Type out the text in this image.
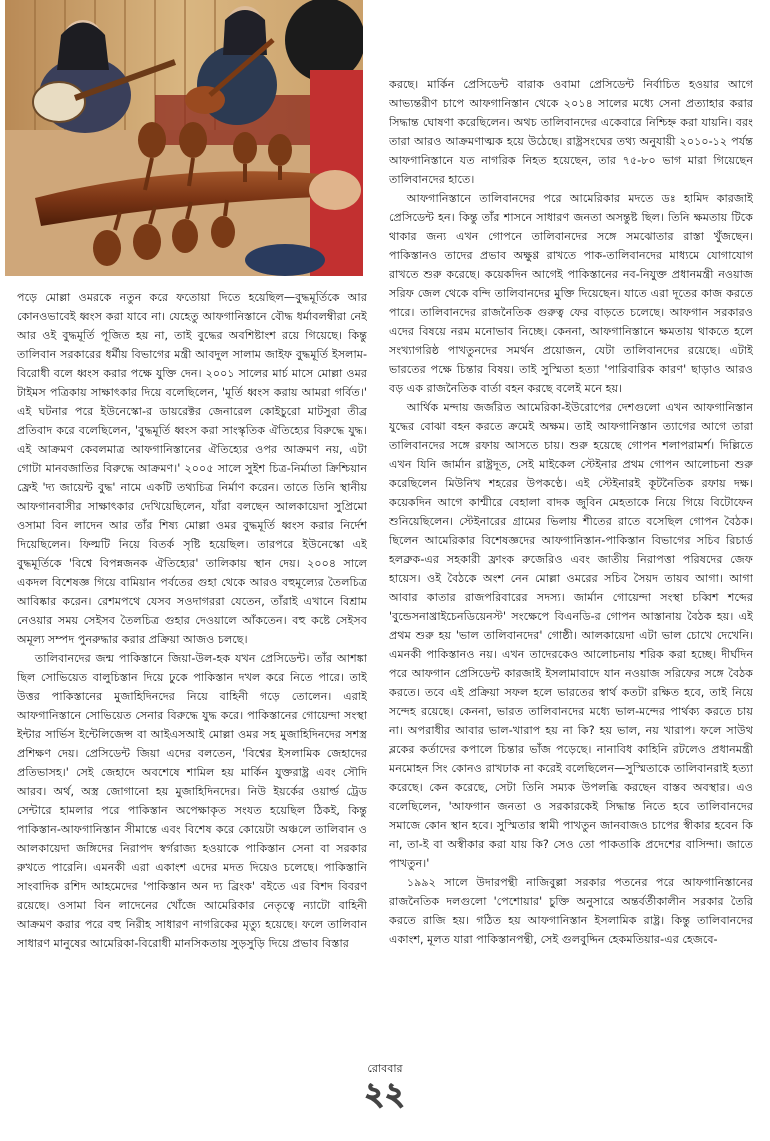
পড়ে মোল্লা ওমরকে নতুন করে ফতোয়া দিতে হয়েছিল—বুদ্ধমূর্তিকে আর কোনওভাবেই ধ্বংস করা যাবে না। যেহেতু আফগানিস্তানে বৌদ্ধ ধর্মাবলম্বীরা নেই আর ওই বুদ্ধমূর্তি পূজিত হয় না, তাই বুদ্ধের অবশিষ্টাংশ রয়ে গিয়েছে। কিন্তু তালিবান সরকারের ধর্মীয় বিভাগের মন্ত্রী আবদুল সালাম জাইফ বুদ্ধমূর্তি ইসলাম-বিরোধী বলে ধ্বংস করার পক্ষে যুক্তি দেন। ২০০১ সালের মার্চ মাসে মোল্লা ওমর টাইমস পত্রিকায় সাক্ষাৎকার দিয়ে বলেছিলেন, 'মূর্তি ধ্বংস করায় আমরা গর্বিত।' এই ঘটনার পরে ইউনেস্কো-র ডায়রেক্টর জেনারেল কোইচুরো মাটসুরা তীব্র প্রতিবাদ করে বলেছিলেন, 'বুদ্ধমূর্তি ধ্বংস করা সাংস্কৃতিক ঐতিহ্যের বিরুদ্ধে যুদ্ধ। এই আক্রমণ কেবলমাত্র আফগানিস্তানের ঐতিহ্যের ওপর আক্রমণ নয়, এটা গোটা মানবজাতির বিরুদ্ধে আক্রমণ।' ২০০৫ সালে সুইশ চিত্র-নির্মাতা ক্রিশ্চিয়ান ফ্রেই 'দ্য জায়েন্ট বুদ্ধ' নামে একটি তথ্যচিত্র নির্মাণ করেন। তাতে তিনি স্থানীয় আফগানবাসীর সাক্ষাৎকার দেখিয়েছিলেন, যাঁরা বলছেন আলকায়েদা সুপ্রিমো ওসামা বিন লাদেন আর তাঁর শিষ্য মোল্লা ওমর বুদ্ধমূর্তি ধ্বংস করার নির্দেশ দিয়েছিলেন। ফিল্মটি নিয়ে বিতর্ক সৃষ্টি হয়েছিল। তারপরে ইউনেস্কো এই বুদ্ধমূর্তিকে 'বিশ্বে বিপন্নজনক ঐতিহ্যের' তালিকায় স্থান দেয়। ২০০৪ সালে একদল বিশেষজ্ঞ গিয়ে বামিয়ান পর্বতের গুহা থেকে আরও বহুমূল্যের তৈলচিত্র আবিষ্কার করেন। রেশমপথে যেসব সওদাগররা যেতেন, তাঁরাই এখানে বিশ্রাম নেওয়ার সময় সেইসব তৈলচিত্র গুহার দেওয়ালে আঁকতেন। বহু কষ্টে সেইসব অমূল্য সম্পদ পুনরুদ্ধার করার প্রক্রিয়া আজও চলছে।

তালিবানদের জন্ম পাকিস্তানে জিয়া-উল-হক যখন প্রেসিডেন্ট। তাঁর আশঙ্কা ছিল সোভিয়েত বালুচিস্তান দিয়ে ঢুকে পাকিস্তান দখল করে নিতে পারে। তাই উত্তর পাকিস্তানের মুজাহিদিনদের নিয়ে বাহিনী গড়ে তোলেন। এরাই আফগানিস্তানে সোভিয়েত সেনার বিরুদ্ধে যুদ্ধ করে। পাকিস্তানের গোয়েন্দা সংস্থা ইন্টার সার্ভিস ইন্টেলিজেন্স বা আইএসআই মোল্লা ওমর সহ মুজাহিদিনদের সশস্ত্র প্রশিক্ষণ দেয়। প্রেসিডেন্ট জিয়া এদের বলতেন, 'বিশ্বের ইসলামিক জেহাদের প্রতিভাসহ।' সেই জেহাদে অবশেষে শামিল হয় মার্কিন যুক্তরাষ্ট্র এবং সৌদি আরব। অর্থ, অস্ত্র জোগানো হয় মুজাহিদিনদের। নিউ ইয়র্কের ওয়ার্ল্ড ট্রেড সেন্টারে হামলার পরে পাকিস্তান অপেক্ষাকৃত সংযত হয়েছিল ঠিকই, কিন্তু পাকিস্তান-আফগানিস্তান সীমান্তে এবং বিশেষ করে কোয়েটা অঞ্চলে তালিবান ও আলকায়েদা জঙ্গিদের নিরাপদ স্বর্গরাজ্য হওয়াকে পাকিস্তান সেনা বা সরকার রুখতে পারেনি। এমনকী এরা একাংশ এদের মদত দিয়েও চলেছে। পাকিস্তানি সাংবাদিক রশিদ আহমেদের 'পাকিস্তান অন দ্য ব্রিংক' বইতে এর বিশদ বিবরণ রয়েছে। ওসামা বিন লাদেনের খোঁজে আমেরিকার নেতৃত্বে ন্যাটো বাহিনী আক্রমণ করার পরে বহু নিরীহ সাধারণ নাগরিকের মৃত্যু হয়েছে। ফলে তালিবান সাধারণ মানুষের আমেরিকা-বিরোধী মানসিকতায় সুড়সুড়ি দিয়ে প্রভাব বিস্তার

করছে। মার্কিন প্রেসিডেন্ট বারাক ওবামা প্রেসিডেন্ট নির্বাচিত হওয়ার আগে আভ্যন্তরীণ চাপে আফগানিস্তান থেকে ২০১৪ সালের মধ্যে সেনা প্রত্যাহার করার সিদ্ধান্ত ঘোষণা করেছিলেন। অথচ তালিবানদের একেবারে নিশ্চিহ্ন করা যায়নি। বরং তারা আরও আক্রমণাত্মক হয়ে উঠেছে। রাষ্ট্রসংঘের তথ্য অনুযায়ী ২০১০-১২ পর্যন্ত আফগানিস্তানে যত নাগরিক নিহত হয়েছেন, তার ৭৫-৮০ ভাগ মারা গিয়েছেন তালিবানদের হাতে।

আফগানিস্তানে তালিবানদের পরে আমেরিকার মদতে ডঃ হামিদ কারজাই প্রেসিডেন্ট হন। কিন্তু তাঁর শাসনে সাধারণ জনতা অসন্তুষ্ট ছিল। তিনি ক্ষমতায় টিকে থাকার জন্য এখন গোপনে তালিবানদের সঙ্গে সমঝোতার রাস্তা খুঁজছেন। পাকিস্তানও তাদের প্রভাব অক্ষুণ্ণ রাখতে পাক-তালিবানদের মাধ্যমে যোগাযোগ রাখতে শুরু করেছে। কয়েকদিন আগেই পাকিস্তানের নব-নিযুক্ত প্রধানমন্ত্রী নওয়াজ সরিফ জেল থেকে বন্দি তালিবানদের মুক্তি দিয়েছেন। যাতে এরা দূতের কাজ করতে পারে। তালিবানদের রাজনৈতিক গুরুত্ব ফের বাড়তে চলেছে। আফগান সরকারও এদের বিষয়ে নরম মনোভাব নিচ্ছে। কেননা, আফগানিস্তানে ক্ষমতায় থাকতে হলে সংখ্যাগরিষ্ঠ পাখতুনদের সমর্থন প্রয়োজন, যেটা তালিবানদের রয়েছে। এটাই ভারতের পক্ষে চিন্তার বিষয়। তাই সুস্মিতা হত্যা 'পারিবারিক কারণ' ছাড়াও আরও বড় এক রাজনৈতিক বার্তা বহন করছে বলেই মনে হয়।

আর্থিক মন্দায় জর্জরিত আমেরিকা-ইউরোপের দেশগুলো এখন আফগানিস্তান যুদ্ধের বোঝা বহন করতে ক্রমেই অক্ষম। তাই আফগানিস্তান ত্যাগের আগে তারা তালিবানদের সঙ্গে রফায় আসতে চায়। শুরু হয়েছে গোপন শলাপরামর্শ। দিল্লিতে এখন যিনি জার্মান রাষ্ট্রদূত, সেই মাইকেল স্টেইনার প্রথম গোপন আলোচনা শুরু করেছিলেন মিউনিখ শহরের উপকণ্ঠে। এই স্টেইনারই কূটনৈতিক রফায় দক্ষ। কয়েকদিন আগে কাশ্মীরে বেহালা বাদক জুবিন মেহতাকে নিয়ে গিয়ে বিটোফেন শুনিয়েছিলেন। স্টেইনারের গ্রামের ভিলায় শীতের রাতে বসেছিল গোপন বৈঠক। ছিলেন আমেরিকার বিশেষজ্ঞদের আফগানিস্তান-পাকিস্তান বিভাগের সচিব রিচার্ড হলব্রুক-এর সহকারী ফ্রাংক রুজেরিও এবং জাতীয় নিরাপত্তা পরিষদের জেফ হায়েস। ওই বৈঠকে অংশ নেন মোল্লা ওমরের সচিব সৈয়দ তায়ব আগা। আগা আবার কাতার রাজপরিবারের সদস্য। জার্মান গোয়েন্দা সংস্থা চব্বিশ শব্দের 'বুন্ডেসনাখ্রাইচেনডিয়েনস্ট' সংক্ষেপে বিএনডি-র গোপন আস্তানায় বৈঠক হয়। এই প্রথম শুরু হয় 'ভাল তালিবানদের' গোষ্ঠী। আলকায়েদা এটা ভাল চোখে দেখেনি। এমনকী পাকিস্তানও নয়। এখন তাদেরকেও আলোচনায় শরিক করা হচ্ছে। দীর্ঘদিন পরে আফগান প্রেসিডেন্ট কারজাই ইসলামাবাদে যান নওয়াজ সরিফের সঙ্গে বৈঠক করতে। তবে এই প্রক্রিয়া সফল হলে ভারতের স্বার্থ কতটা রক্ষিত হবে, তাই নিয়ে সন্দেহ রয়েছে। কেননা, ভারত তালিবানদের মধ্যে ভাল-মন্দের পার্থক্য করতে চায় না। অপরাধীর আবার ভাল-খারাপ হয় না কি? হয় ভাল, নয় খারাপ। ফলে সাউথ ব্লকের কর্তাদের কপালে চিন্তার ভাঁজ পড়েছে। নানাবিধ কাহিনি রটলেও প্রধানমন্ত্রী মনমোহন সিং কোনও রাখঢাক না করেই বলেছিলেন—সুস্মিতাকে তালিবানরাই হত্যা করেছে। কেন করেছে, সেটা তিনি সম্যক উপলব্ধি করছেন বাস্তব অবস্থার। এও বলেছিলেন, 'আফগান জনতা ও সরকারকেই সিদ্ধান্ত নিতে হবে তালিবানদের সমাজে কোন স্থান হবে। সুস্মিতার স্বামী পাখতুন জানবাজও চাপের স্বীকার হবেন কি না, তা-ই বা অস্বীকার করা যায় কি? সেও তো পাকতাকি প্রদেশের বাসিন্দা। জাতে পাখতুন।'

১৯৯২ সালে উদারপন্থী নাজিবুল্লা সরকার পতনের পরে আফগানিস্তানের রাজনৈতিক দলগুলো 'পেশোয়ার' চুক্তি অনুসারে অন্তর্বর্তীকালীন সরকার তৈরি করতে রাজি হয়। গঠিত হয় আফগানিস্তান ইসলামিক রাষ্ট্র। কিন্তু তালিবানদের একাংশ, মূলত যারা পাকিস্তানপন্থী, সেই গুলবুদ্দিন হেকমতিয়ার-এর হেজবে-

রোববার
২২
